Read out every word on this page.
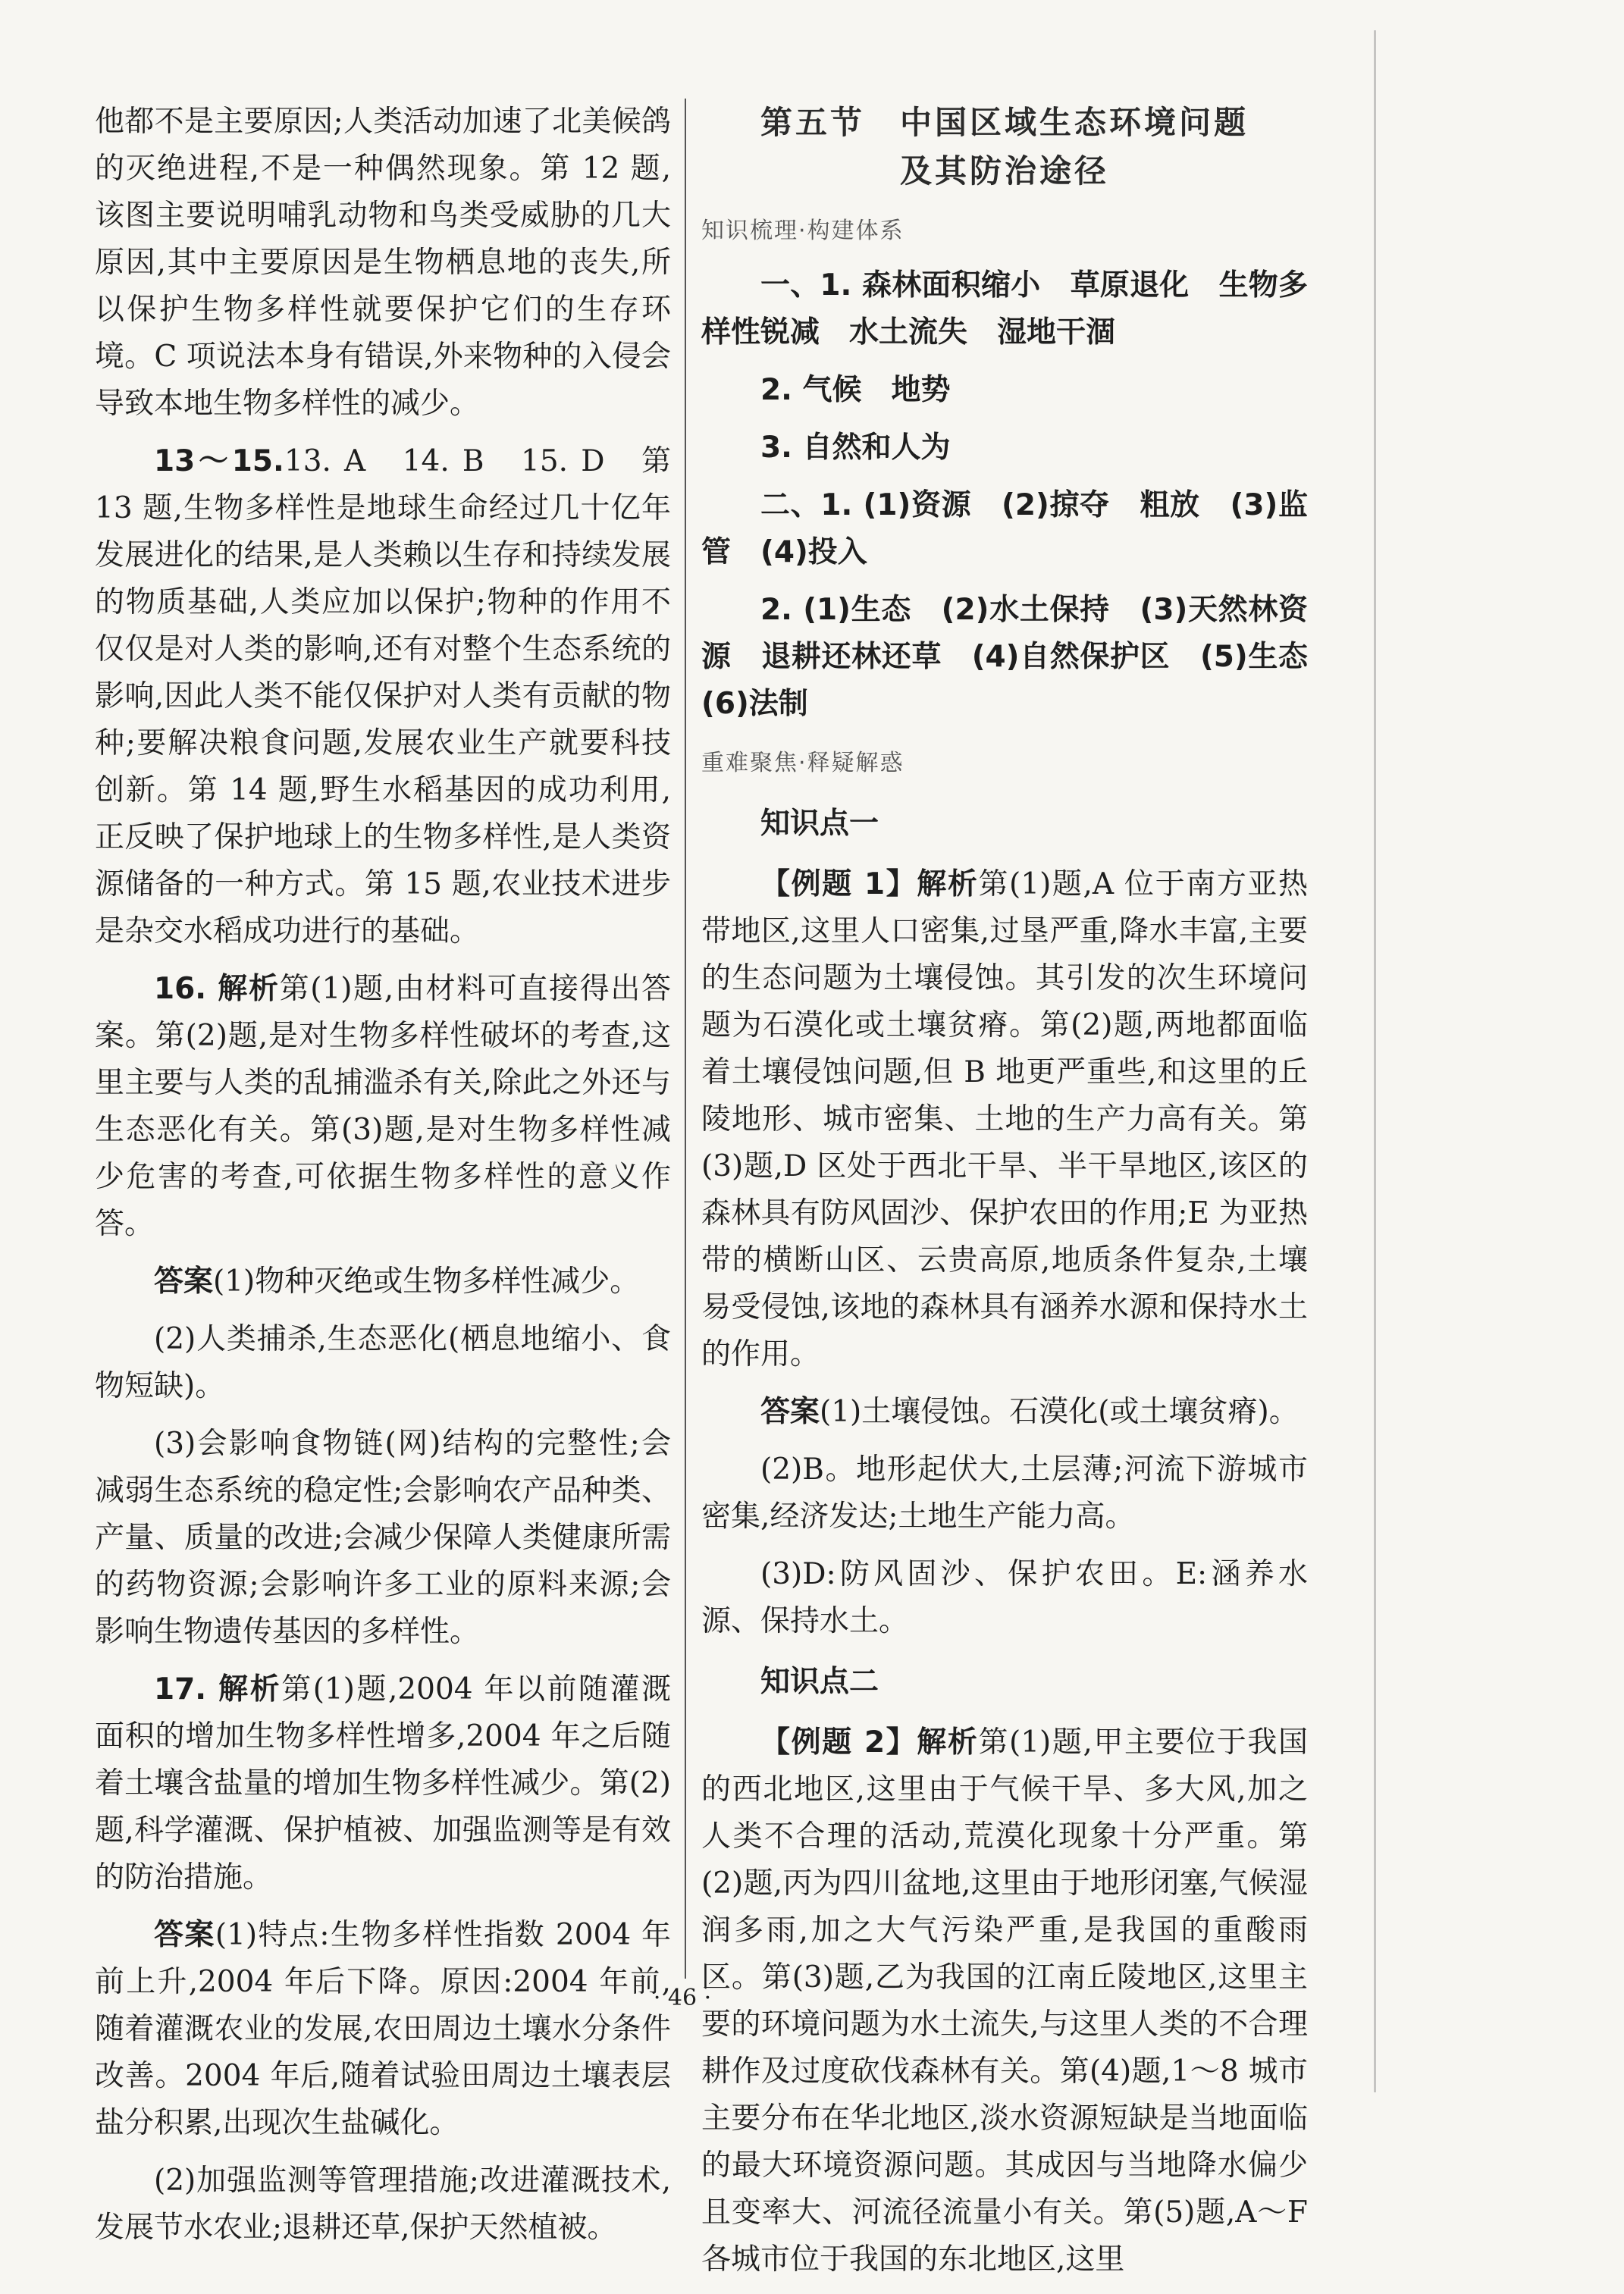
他都不是主要原因;人类活动加速了北美候鸽的灭绝进程,不是一种偶然现象。第 12 题,该图主要说明哺乳动物和鸟类受威胁的几大原因,其中主要原因是生物栖息地的丧失,所以保护生物多样性就要保护它们的生存环境。C 项说法本身有错误,外来物种的入侵会导致本地生物多样性的减少。

13～15.13. A　14. B　15. D　第 13 题,生物多样性是地球生命经过几十亿年发展进化的结果,是人类赖以生存和持续发展的物质基础,人类应加以保护;物种的作用不仅仅是对人类的影响,还有对整个生态系统的影响,因此人类不能仅保护对人类有贡献的物种;要解决粮食问题,发展农业生产就要科技创新。第 14 题,野生水稻基因的成功利用,正反映了保护地球上的生物多样性,是人类资源储备的一种方式。第 15 题,农业技术进步是杂交水稻成功进行的基础。

16. 解析第(1)题,由材料可直接得出答案。第(2)题,是对生物多样性破坏的考查,这里主要与人类的乱捕滥杀有关,除此之外还与生态恶化有关。第(3)题,是对生物多样性减少危害的考查,可依据生物多样性的意义作答。

答案(1)物种灭绝或生物多样性减少。

(2)人类捕杀,生态恶化(栖息地缩小、食物短缺)。

(3)会影响食物链(网)结构的完整性;会减弱生态系统的稳定性;会影响农产品种类、产量、质量的改进;会减少保障人类健康所需的药物资源;会影响许多工业的原料来源;会影响生物遗传基因的多样性。

17. 解析第(1)题,2004 年以前随灌溉面积的增加生物多样性增多,2004 年之后随着土壤含盐量的增加生物多样性减少。第(2)题,科学灌溉、保护植被、加强监测等是有效的防治措施。

答案(1)特点:生物多样性指数 2004 年前上升,2004 年后下降。原因:2004 年前,随着灌溉农业的发展,农田周边土壤水分条件改善。2004 年后,随着试验田周边土壤表层盐分积累,出现次生盐碱化。

(2)加强监测等管理措施;改进灌溉技术,发展节水农业;退耕还草,保护天然植被。

第五节　中国区域生态环境问题
及其防治途径
知识梳理·构建体系

一、1. 森林面积缩小　草原退化　生物多样性锐减　水土流失　湿地干涸

2. 气候　地势

3. 自然和人为

二、1. (1)资源　(2)掠夺　粗放　(3)监管　(4)投入

2. (1)生态　(2)水土保持　(3)天然林资源　退耕还林还草　(4)自然保护区　(5)生态　(6)法制

重难聚焦·释疑解惑

知识点一

【例题 1】解析第(1)题,A 位于南方亚热带地区,这里人口密集,过垦严重,降水丰富,主要的生态问题为土壤侵蚀。其引发的次生环境问题为石漠化或土壤贫瘠。第(2)题,两地都面临着土壤侵蚀问题,但 B 地更严重些,和这里的丘陵地形、城市密集、土地的生产力高有关。第(3)题,D 区处于西北干旱、半干旱地区,该区的森林具有防风固沙、保护农田的作用;E 为亚热带的横断山区、云贵高原,地质条件复杂,土壤易受侵蚀,该地的森林具有涵养水源和保持水土的作用。

答案(1)土壤侵蚀。石漠化(或土壤贫瘠)。

(2)B。地形起伏大,土层薄;河流下游城市密集,经济发达;土地生产能力高。

(3)D:防风固沙、保护农田。E:涵养水源、保持水土。

知识点二

【例题 2】解析第(1)题,甲主要位于我国的西北地区,这里由于气候干旱、多大风,加之人类不合理的活动,荒漠化现象十分严重。第(2)题,丙为四川盆地,这里由于地形闭塞,气候湿润多雨,加之大气污染严重,是我国的重酸雨区。第(3)题,乙为我国的江南丘陵地区,这里主要的环境问题为水土流失,与这里人类的不合理耕作及过度砍伐森林有关。第(4)题,1～8 城市主要分布在华北地区,淡水资源短缺是当地面临的最大环境资源问题。其成因与当地降水偏少且变率大、河流径流量小有关。第(5)题,A～F 各城市位于我国的东北地区,这里

· 46 ·
